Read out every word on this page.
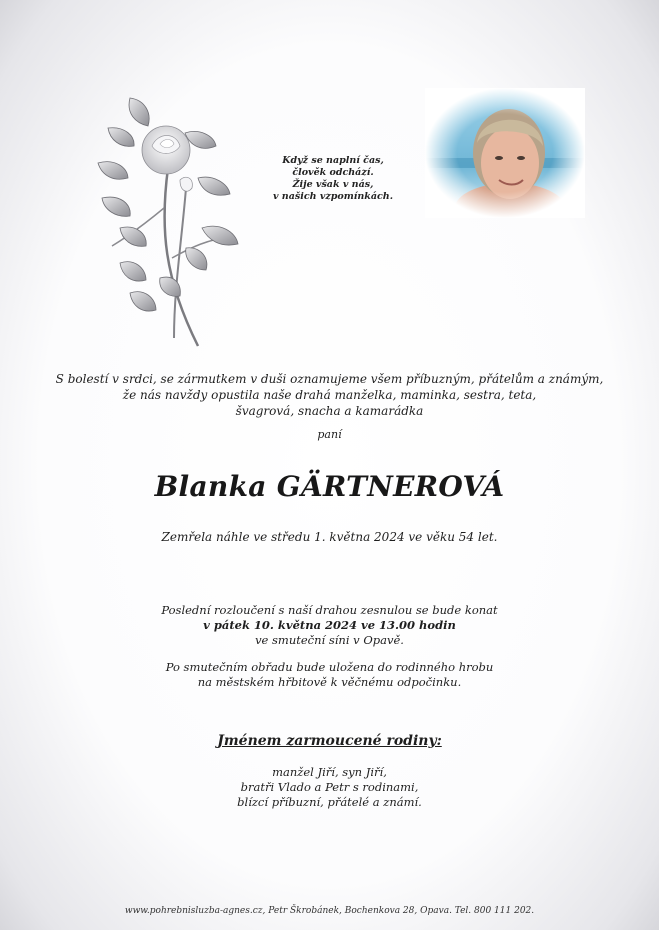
Když se naplní čas,
člověk odchází.
Žije však v nás,
v našich vzpomínkách.
S bolestí v srdci, se zármutkem v duši oznamujeme všem příbuzným, přátelům a známým,
že nás navždy opustila naše drahá manželka, maminka, sestra, teta,
švagrová, snacha a kamarádka
paní
Blanka GÄRTNEROVÁ
Zemřela náhle ve středu 1. května 2024 ve věku 54 let.
Poslední rozloučení s naší drahou zesnulou se bude konat
v pátek 10. května 2024 ve 13.00 hodin
ve smuteční síni v Opavě.
Po smutečním obřadu bude uložena do rodinného hrobu
na městském hřbitově k věčnému odpočinku.
Jménem zarmoucené rodiny:
manžel Jiří, syn Jiří,
bratři Vlado a Petr s rodinami,
blízcí příbuzní, přátelé a známí.
www.pohrebnisluzba-agnes.cz, Petr Škrobánek, Bochenkova 28, Opava. Tel. 800 111 202.
